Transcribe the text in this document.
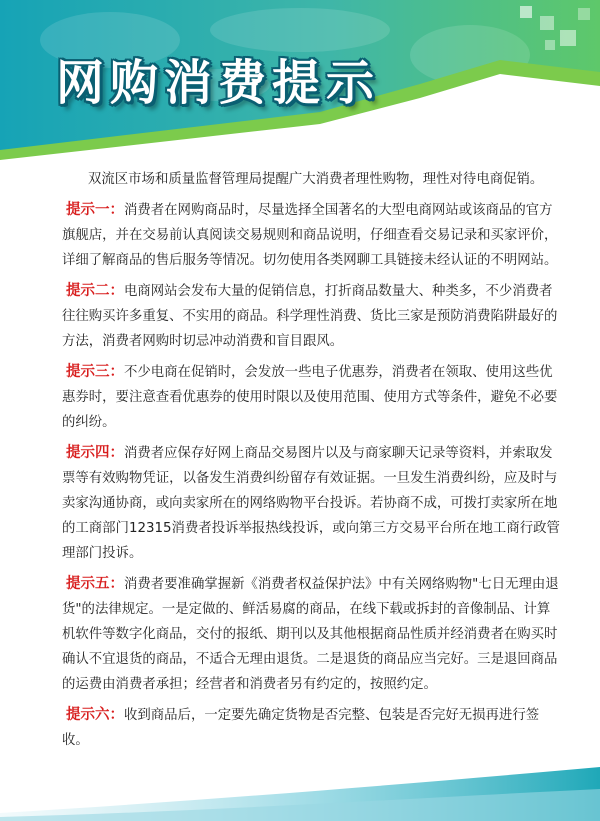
网购消费提示

双流区市场和质量监督管理局提醒广大消费者理性购物，理性对待电商促销。

提示一：消费者在网购商品时，尽量选择全国著名的大型电商网站或该商品的官方旗舰店，并在交易前认真阅读交易规则和商品说明，仔细查看交易记录和买家评价，详细了解商品的售后服务等情况。切勿使用各类网聊工具链接未经认证的不明网站。

提示二：电商网站会发布大量的促销信息，打折商品数量大、种类多，不少消费者往往购买许多重复、不实用的商品。科学理性消费、货比三家是预防消费陷阱最好的方法，消费者网购时切忌冲动消费和盲目跟风。

提示三：不少电商在促销时，会发放一些电子优惠券，消费者在领取、使用这些优惠券时，要注意查看优惠券的使用时限以及使用范围、使用方式等条件，避免不必要的纠纷。

提示四：消费者应保存好网上商品交易图片以及与商家聊天记录等资料，并索取发票等有效购物凭证，以备发生消费纠纷留存有效证据。一旦发生消费纠纷，应及时与卖家沟通协商，或向卖家所在的网络购物平台投诉。若协商不成，可拨打卖家所在地的工商部门12315消费者投诉举报热线投诉，或向第三方交易平台所在地工商行政管理部门投诉。

提示五：消费者要准确掌握新《消费者权益保护法》中有关网络购物"七日无理由退货"的法律规定。一是定做的、鲜活易腐的商品，在线下载或拆封的音像制品、计算机软件等数字化商品，交付的报纸、期刊以及其他根据商品性质并经消费者在购买时确认不宜退货的商品，不适合无理由退货。二是退货的商品应当完好。三是退回商品的运费由消费者承担；经营者和消费者另有约定的，按照约定。

提示六：收到商品后，一定要先确定货物是否完整、包装是否完好无损再进行签收。
